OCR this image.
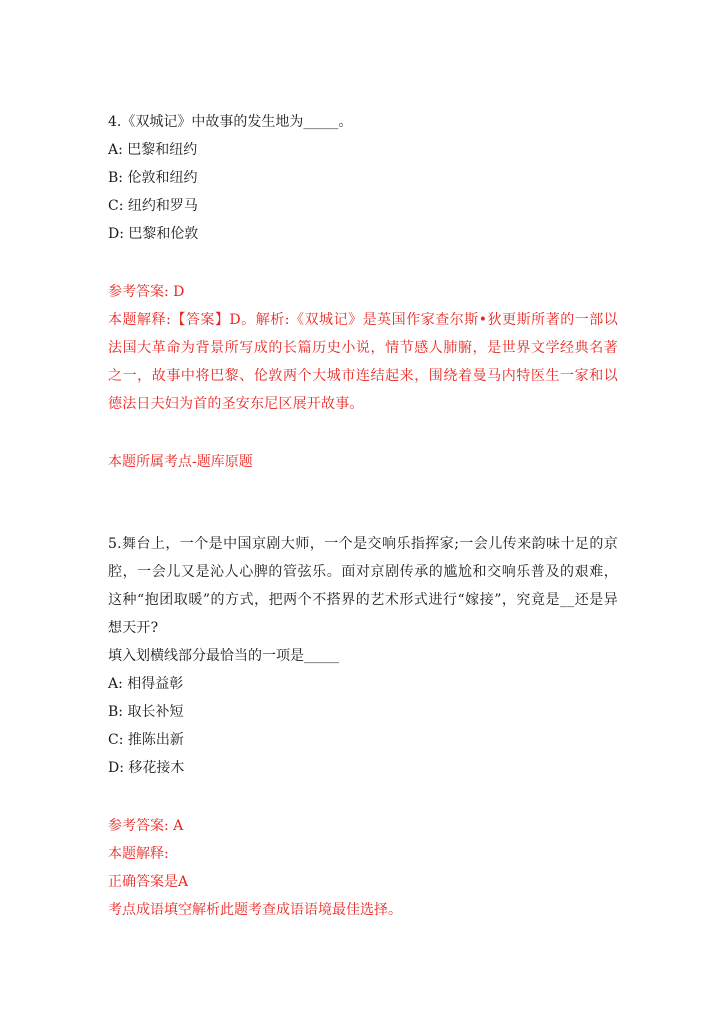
4.《双城记》中故事的发生地为_____。

A: 巴黎和纽约

B: 伦敦和纽约

C: 纽约和罗马

D: 巴黎和伦敦

参考答案: D

本题解释:【答案】D。解析:《双城记》是英国作家查尔斯•狄更斯所著的一部以法国大革命为背景所写成的长篇历史小说，情节感人肺腑，是世界文学经典名著之一，故事中将巴黎、伦敦两个大城市连结起来，围绕着曼马内特医生一家和以德法日夫妇为首的圣安东尼区展开故事。

本题所属考点-题库原题

5.舞台上，一个是中国京剧大师，一个是交响乐指挥家;一会儿传来韵味十足的京腔，一会儿又是沁人心脾的管弦乐。面对京剧传承的尴尬和交响乐普及的艰难，这种“抱团取暖”的方式，把两个不搭界的艺术形式进行“嫁接”，究竟是__还是异想天开?

填入划横线部分最恰当的一项是_____

A: 相得益彰

B: 取长补短

C: 推陈出新

D: 移花接木

参考答案: A

本题解释:

正确答案是A

考点成语填空解析此题考查成语语境最佳选择。
